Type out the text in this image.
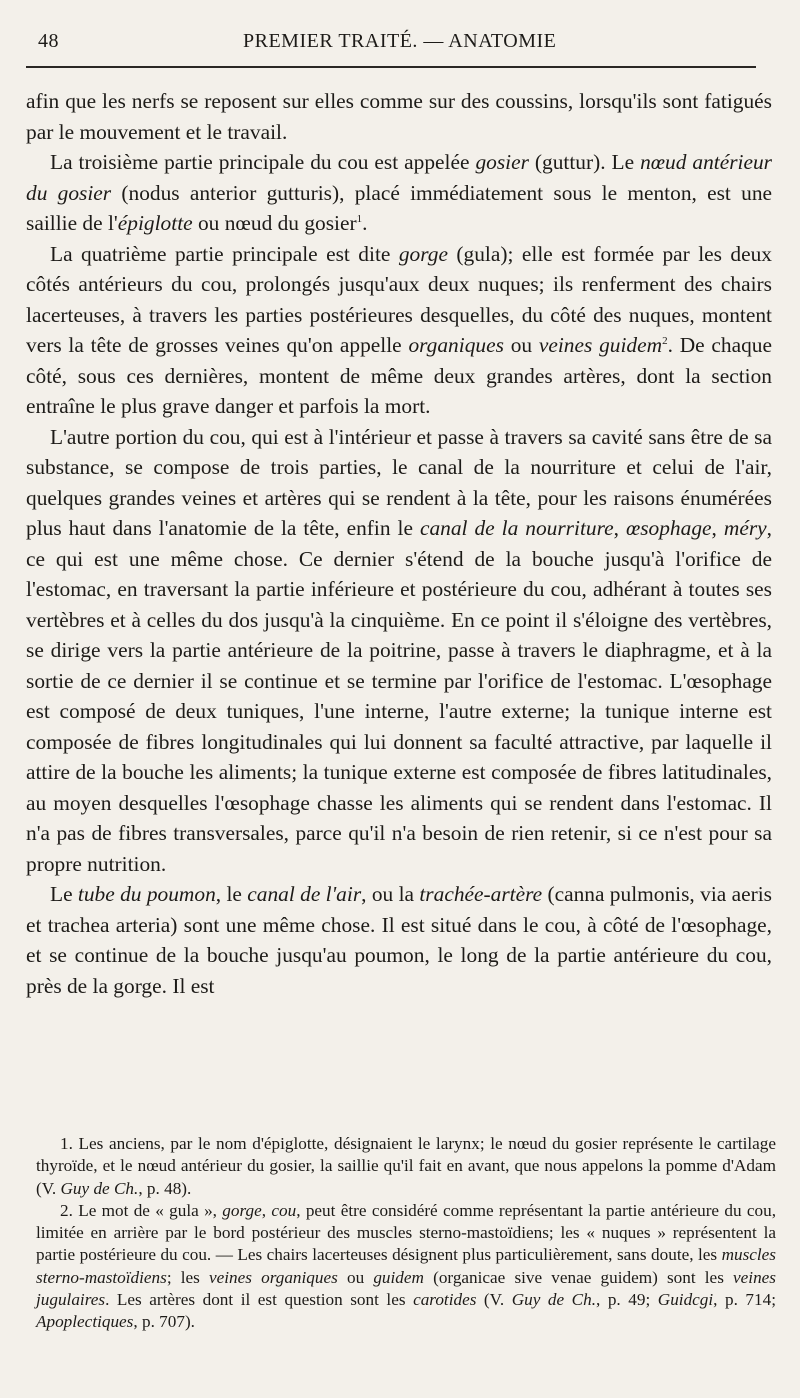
48	PREMIER TRAITÉ. — ANATOMIE

afin que les nerfs se reposent sur elles comme sur des coussins, lorsqu'ils sont fatigués par le mouvement et le travail.

La troisième partie principale du cou est appelée gosier (guttur). Le nœud antérieur du gosier (nodus anterior gutturis), placé immédiatement sous le menton, est une saillie de l'épiglotte ou nœud du gosier$^1$.

La quatrième partie principale est dite gorge (gula); elle est formée par les deux côtés antérieurs du cou, prolongés jusqu'aux deux nuques; ils renferment des chairs lacerteuses, à travers les parties postérieures desquelles, du côté des nuques, montent vers la tête de grosses veines qu'on appelle organiques ou veines guidem$^2$. De chaque côté, sous ces dernières, montent de même deux grandes artères, dont la section entraîne le plus grave danger et parfois la mort.

L'autre portion du cou, qui est à l'intérieur et passe à travers sa cavité sans être de sa substance, se compose de trois parties, le canal de la nourriture et celui de l'air, quelques grandes veines et artères qui se rendent à la tête, pour les raisons énumérées plus haut dans l'anatomie de la tête, enfin le canal de la nourriture, œsophage, méry, ce qui est une même chose. Ce dernier s'étend de la bouche jusqu'à l'orifice de l'estomac, en traversant la partie inférieure et postérieure du cou, adhérant à toutes ses vertèbres et à celles du dos jusqu'à la cinquième. En ce point il s'éloigne des vertèbres, se dirige vers la partie antérieure de la poitrine, passe à travers le diaphragme, et à la sortie de ce dernier il se continue et se termine par l'orifice de l'estomac. L'œsophage est composé de deux tuniques, l'une interne, l'autre externe; la tunique interne est composée de fibres longitudinales qui lui donnent sa faculté attractive, par laquelle il attire de la bouche les aliments; la tunique externe est composée de fibres latitudinales, au moyen desquelles l'œsophage chasse les aliments qui se rendent dans l'estomac. Il n'a pas de fibres transversales, parce qu'il n'a besoin de rien retenir, si ce n'est pour sa propre nutrition.

Le tube du poumon, le canal de l'air, ou la trachée-artère (canna pulmonis, via aeris et trachea arteria) sont une même chose. Il est situé dans le cou, à côté de l'œsophage, et se continue de la bouche jusqu'au poumon, le long de la partie antérieure du cou, près de la gorge. Il est

1. Les anciens, par le nom d'épiglotte, désignaient le larynx; le nœud du gosier représente le cartilage thyroïde, et le nœud antérieur du gosier, la saillie qu'il fait en avant, que nous appelons la pomme d'Adam (V. Guy de Ch., p. 48).

2. Le mot de « gula », gorge, cou, peut être considéré comme représentant la partie antérieure du cou, limitée en arrière par le bord postérieur des muscles sterno-mastoïdiens; les « nuques » représentent la partie postérieure du cou. — Les chairs lacerteuses désignent plus particulièrement, sans doute, les muscles sterno-mastoïdiens; les veines organiques ou guidem (organicae sive venae guidem) sont les veines jugulaires. Les artères dont il est question sont les carotides (V. Guy de Ch., p. 49; Guidcgi, p. 714; Apoplectiques, p. 707).
